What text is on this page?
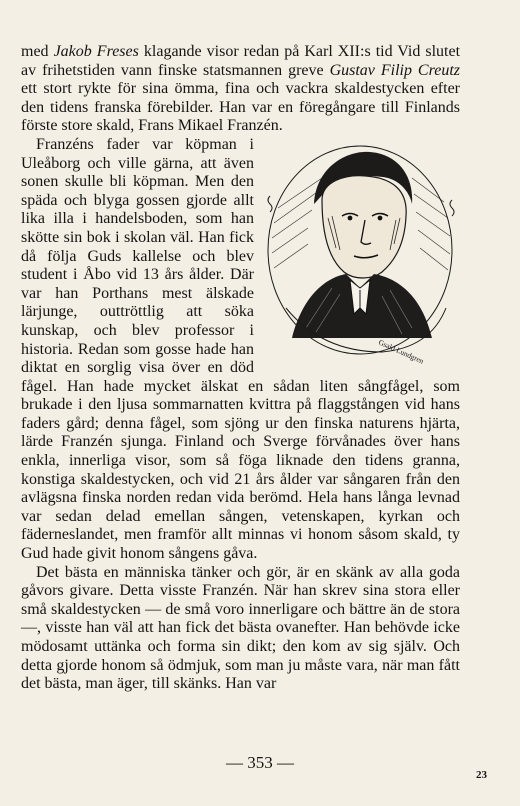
med Jakob Freses klagande visor redan på Karl XII:s tid Vid slutet av frihetstiden vann finske statsmannen greve Gustav Filip Creutz ett stort rykte för sina ömma, fina och vackra skaldestycken efter den tidens franska förebilder. Han var en föregångare till Finlands förste store skald, Frans Mikael Franzén.

Gsald Lundgren

Franzéns fader var köpman i Uleåborg och ville gärna, att även sonen skulle bli köpman. Men den späda och blyga gossen gjorde allt lika illa i handelsboden, som han skötte sin bok i skolan väl. Han fick då följa Guds kallelse och blev student i Åbo vid 13 års ålder. Där var han Porthans mest älskade lärjunge, outtröttlig att söka kunskap, och blev professor i historia. Redan som gosse hade han diktat en sorglig visa över en död fågel. Han hade mycket älskat en sådan liten sångfågel, som brukade i den ljusa sommarnatten kvittra på flaggstången vid hans faders gård; denna fågel, som sjöng ur den finska naturens hjärta, lärde Franzén sjunga. Finland och Sverge förvånades över hans enkla, innerliga visor, som så föga liknade den tidens granna, konstiga skaldestycken, och vid 21 års ålder var sångaren från den avlägsna finska norden redan vida berömd. Hela hans långa levnad var sedan delad emellan sången, vetenskapen, kyrkan och fäderneslandet, men framför allt minnas vi honom såsom skald, ty Gud hade givit honom sångens gåva.

Det bästa en människa tänker och gör, är en skänk av alla goda gåvors givare. Detta visste Franzén. När han skrev sina stora eller små skaldestycken — de små voro innerligare och bättre än de stora —, visste han väl att han fick det bästa ovanefter. Han behövde icke mödosamt uttänka och forma sin dikt; den kom av sig själv. Och detta gjorde honom så ödmjuk, som man ju måste vara, när man fått det bästa, man äger, till skänks. Han var

— 353 —
23
